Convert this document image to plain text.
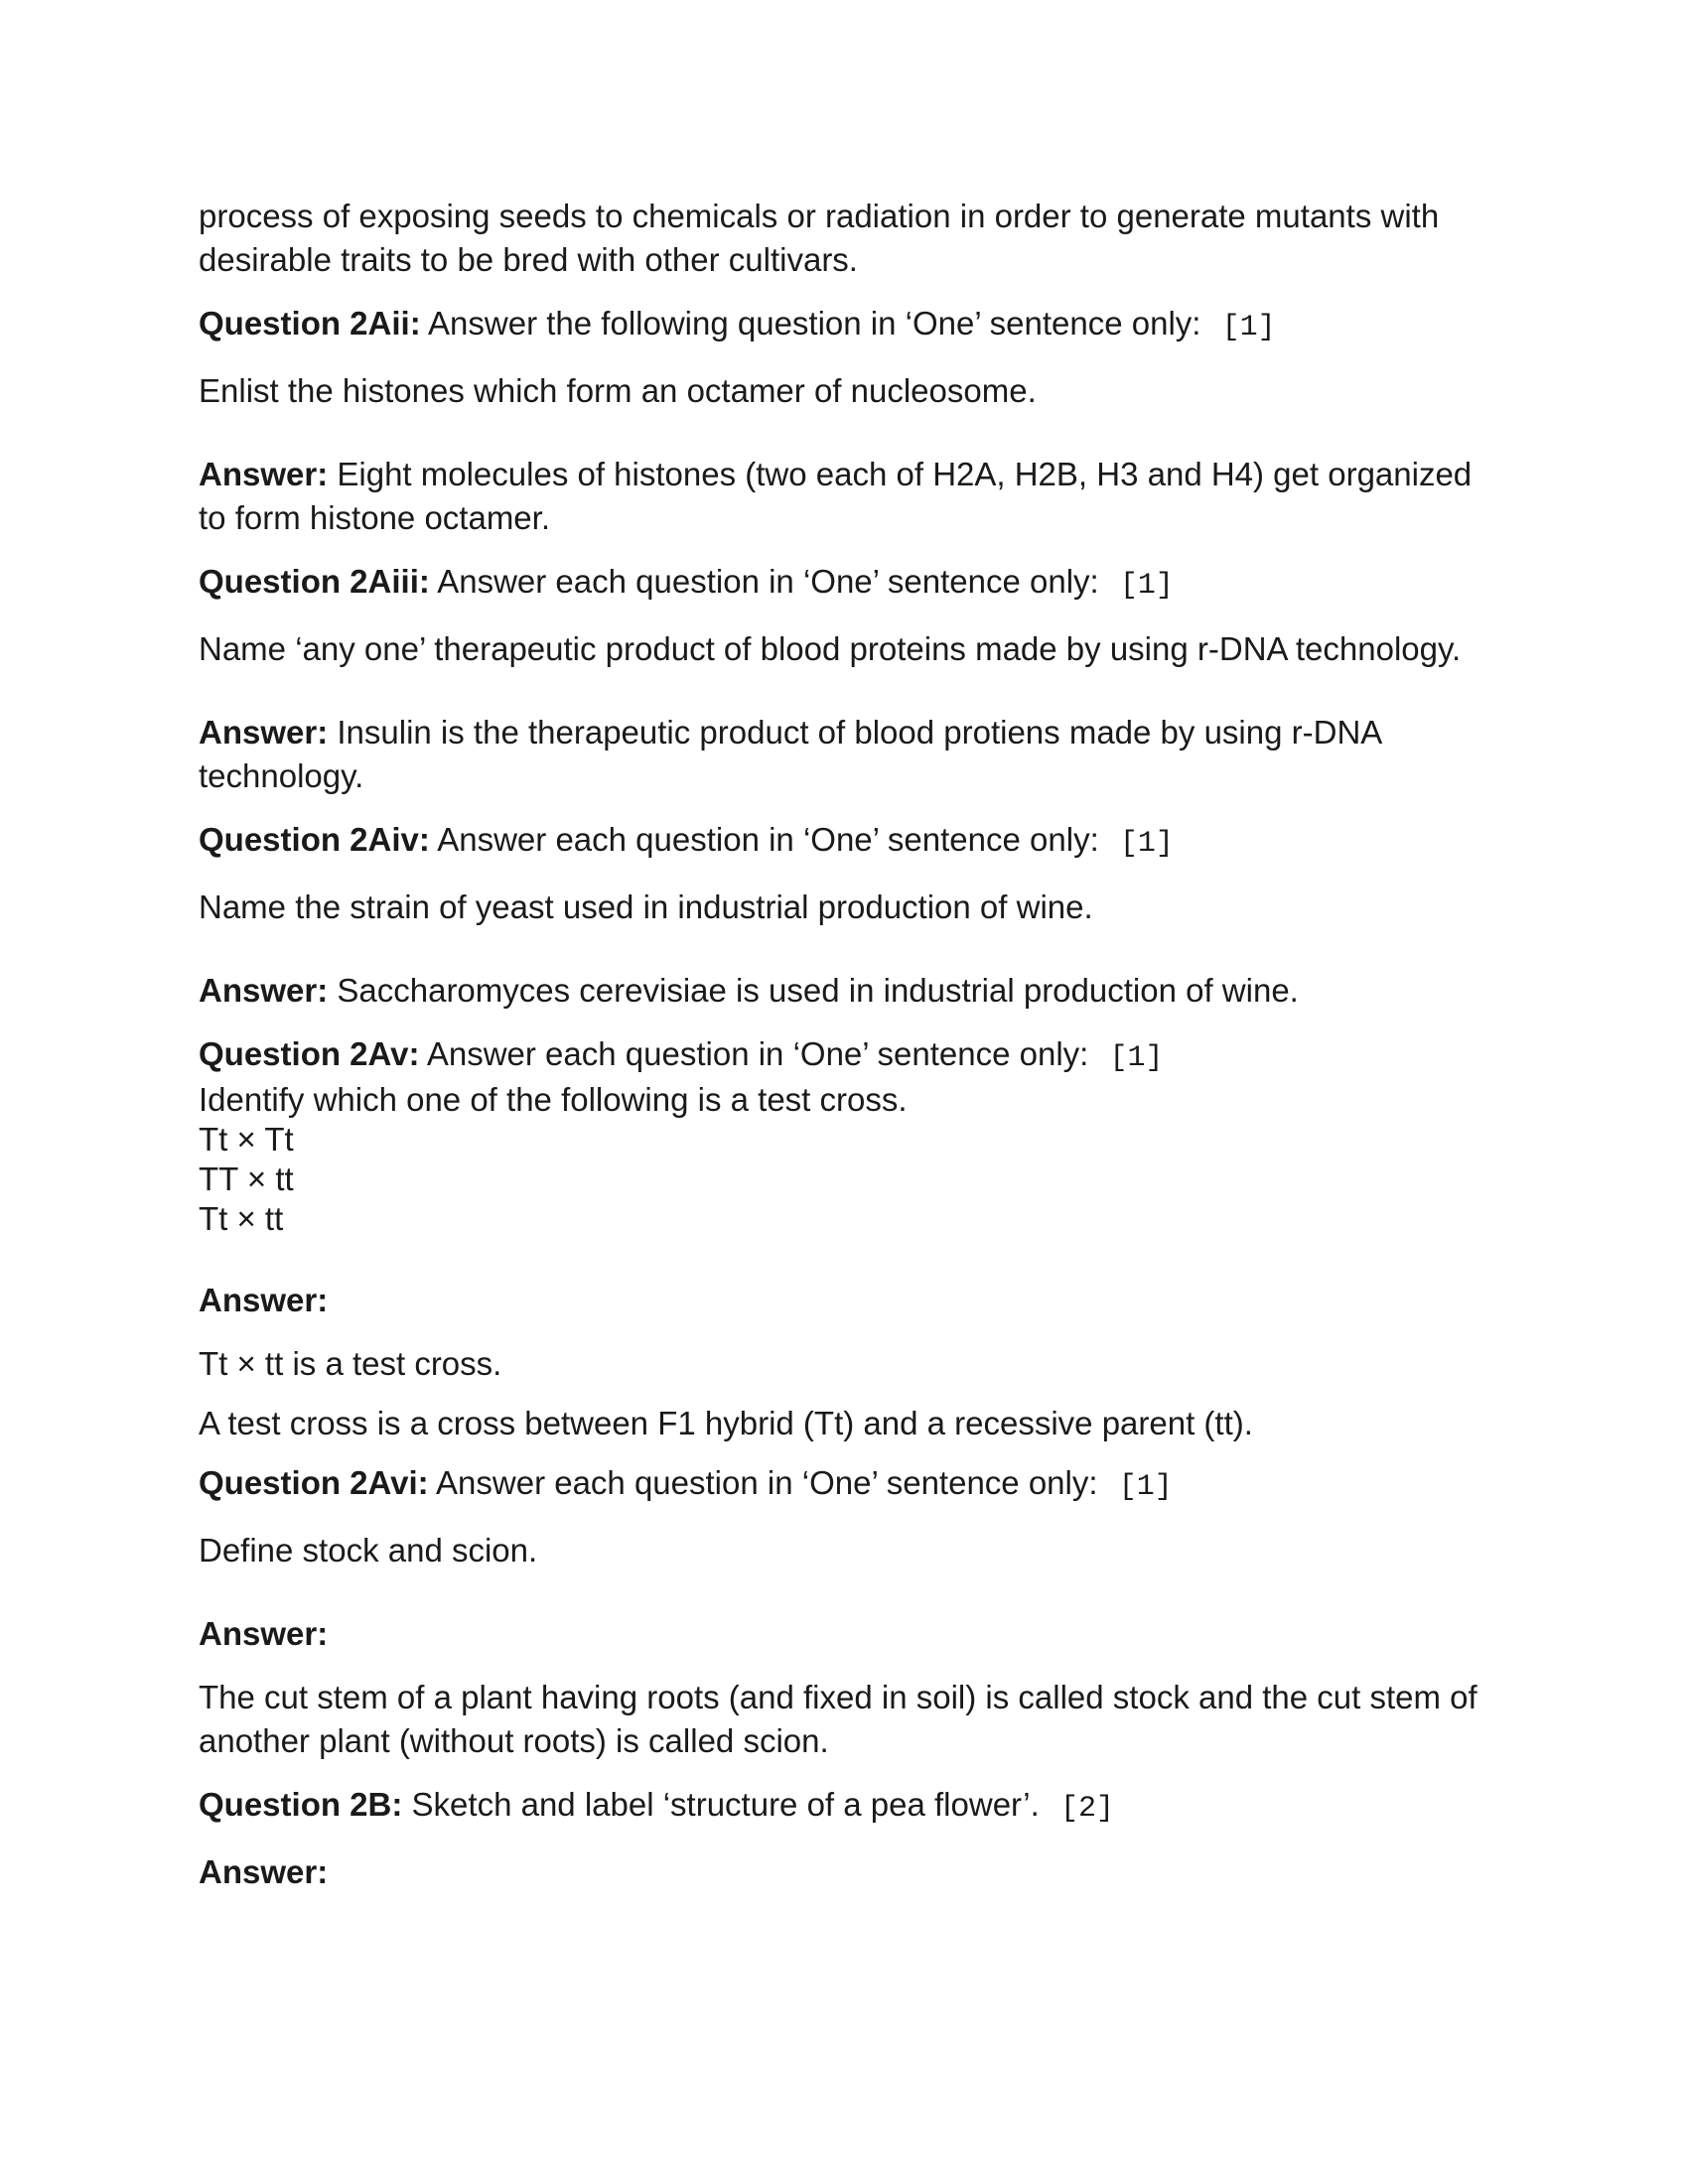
process of exposing seeds to chemicals or radiation in order to generate mutants with desirable traits to be bred with other cultivars.

Question 2Aii: Answer the following question in ‘One’ sentence only: [1]

Enlist the histones which form an octamer of nucleosome.

Answer: Eight molecules of histones (two each of H2A, H2B, H3 and H4) get organized to form histone octamer.

Question 2Aiii: Answer each question in ‘One’ sentence only: [1]

Name ‘any one’ therapeutic product of blood proteins made by using r-DNA technology.

Answer: Insulin is the therapeutic product of blood protiens made by using r-DNA technology.

Question 2Aiv: Answer each question in ‘One’ sentence only: [1]

Name the strain of yeast used in industrial production of wine.

Answer: Saccharomyces cerevisiae is used in industrial production of wine.

Question 2Av: Answer each question in ‘One’ sentence only: [1]

Identify which one of the following is a test cross.

Tt × Tt

TT × tt

Tt × tt

Answer:

Tt × tt is a test cross.

A test cross is a cross between F1 hybrid (Tt) and a recessive parent (tt).

Question 2Avi: Answer each question in ‘One’ sentence only: [1]

Define stock and scion.

Answer:

The cut stem of a plant having roots (and fixed in soil) is called stock and the cut stem of another plant (without roots) is called scion.

Question 2B: Sketch and label ‘structure of a pea flower’. [2]

Answer:
